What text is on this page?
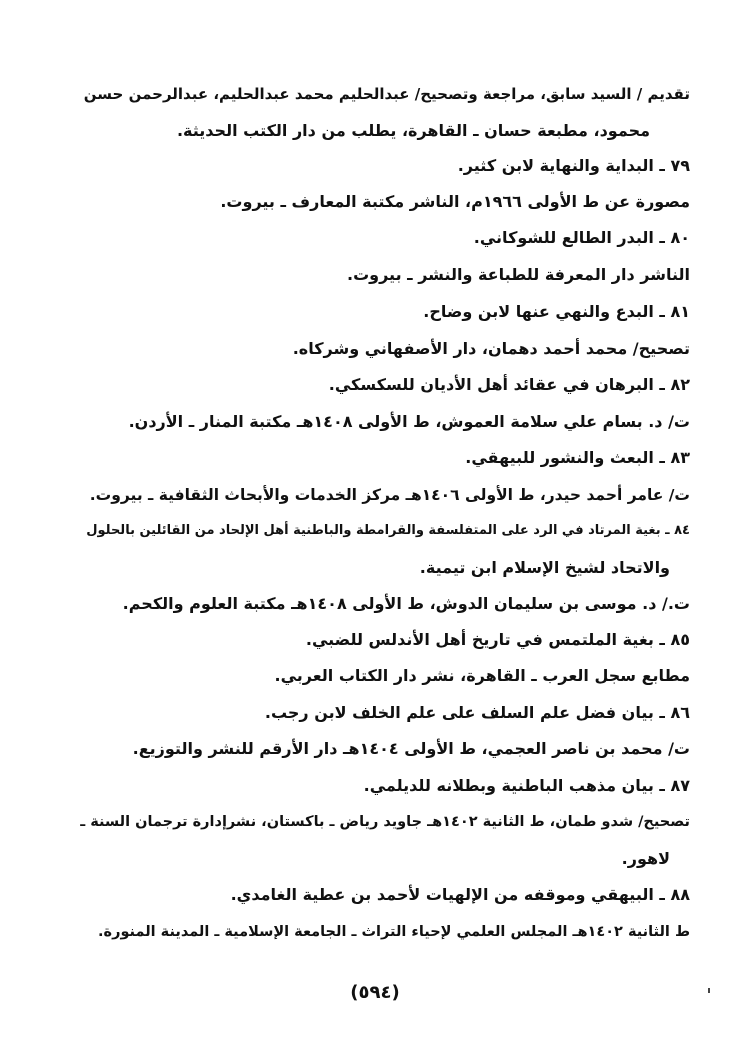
تقديم / السيد سابق، مراجعة وتصحيح/ عبدالحليم محمد عبدالحليم، عبدالرحمن حسن
محمود، مطبعة حسان ـ القاهرة، يطلب من دار الكتب الحديثة.
٧٩ ـ البداية والنهاية لابن كثير.
مصورة عن ط الأولى ١٩٦٦م، الناشر مكتبة المعارف ـ بيروت.
٨٠ ـ البدر الطالع للشوكاني.
الناشر دار المعرفة للطباعة والنشر ـ بيروت.
٨١ ـ البدع والنهي عنها لابن وضاح.
تصحيح/ محمد أحمد دهمان، دار الأصفهاني وشركاه.
٨٢ ـ البرهان في عقائد أهل الأديان للسكسكي.
ت/ د. بسام علي سلامة العموش، ط الأولى ١٤٠٨هـ مكتبة المنار ـ الأردن.
٨٣ ـ البعث والنشور للبيهقي.
ت/ عامر أحمد حيدر، ط الأولى ١٤٠٦هـ مركز الخدمات والأبحاث الثقافية ـ بيروت.
٨٤ ـ بغية المرتاد في الرد على المتفلسفة والقرامطة والباطنية أهل الإلحاد من القائلين بالحلول
والاتحاد لشيخ الإسلام ابن تيمية.
ت./ د. موسى بن سليمان الدوش، ط الأولى ١٤٠٨هـ مكتبة العلوم والكحم.
٨٥ ـ بغية الملتمس في تاريخ أهل الأندلس للضبي.
مطابع سجل العرب ـ القاهرة، نشر دار الكتاب العربي.
٨٦ ـ بيان فضل علم السلف على علم الخلف لابن رجب.
ت/ محمد بن ناصر العجمي، ط الأولى ١٤٠٤هـ دار الأرقم للنشر والتوزيع.
٨٧ ـ بيان مذهب الباطنية وبطلانه للديلمي.
تصحيح/ شدو طمان، ط الثانية ١٤٠٢هـ جاويد رياض ـ باكستان، نشرإدارة ترجمان السنة ـ
لاهور.
٨٨ ـ البيهقي وموقفه من الإلهيات لأحمد بن عطية الغامدي.
ط الثانية ١٤٠٢هـ المجلس العلمي لإحياء التراث ـ الجامعة الإسلامية ـ المدينة المنورة.
(٥٩٤)
